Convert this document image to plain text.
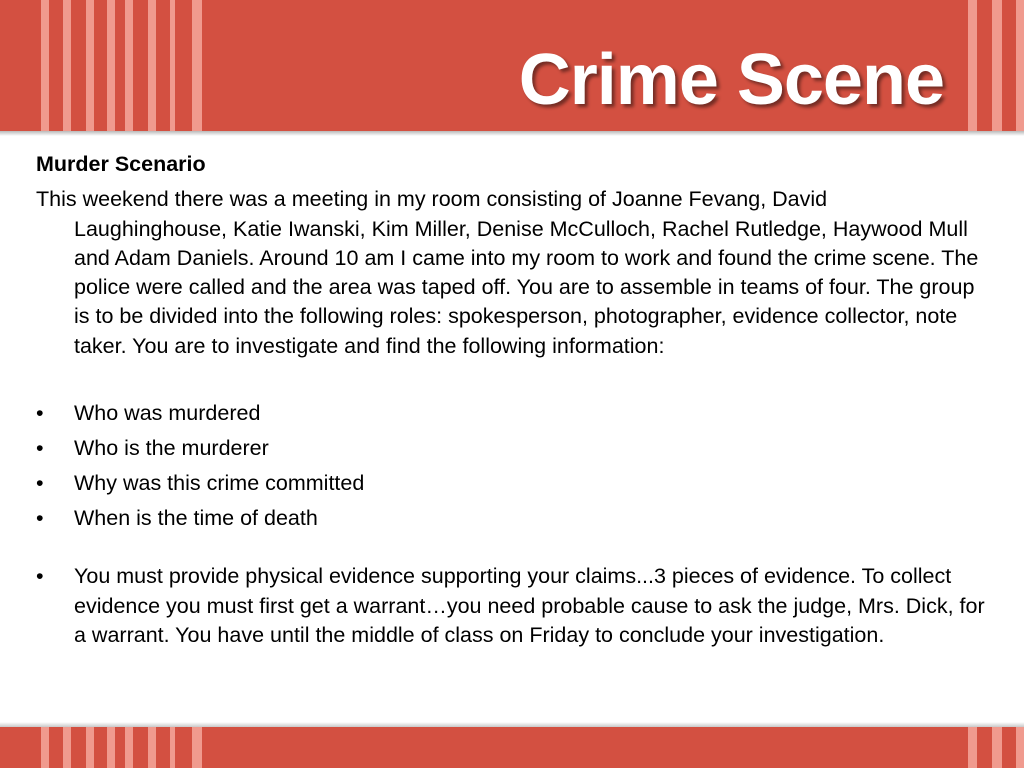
Crime Scene

Murder Scenario

This weekend there was a meeting in my room consisting of Joanne Fevang, David Laughinghouse, Katie Iwanski, Kim Miller, Denise McCulloch, Rachel Rutledge, Haywood Mull and Adam Daniels. Around 10 am I came into my room to work and found the crime scene. The police were called and the area was taped off. You are to assemble in teams of four. The group is to be divided into the following roles: spokesperson, photographer, evidence collector, note taker. You are to investigate and find the following information:

• Who was murdered
• Who is the murderer
• Why was this crime committed
• When is the time of death
• You must provide physical evidence supporting your claims...3 pieces of evidence. To collect evidence you must first get a warrant…you need probable cause to ask the judge, Mrs. Dick, for a warrant. You have until the middle of class on Friday to conclude your investigation.
